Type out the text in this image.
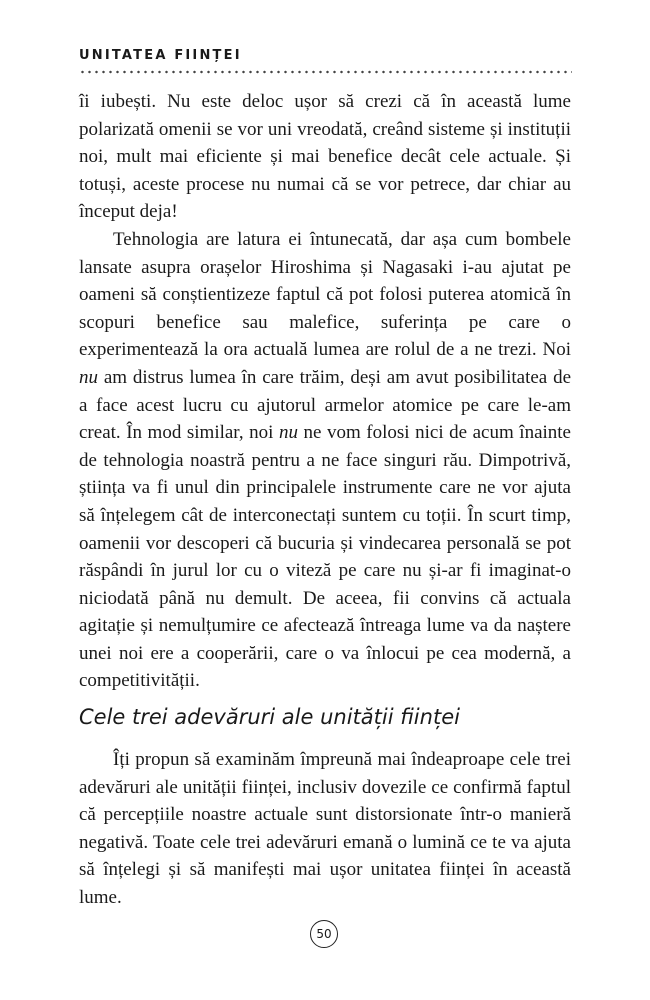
UNITATEA FIINȚEI

îi iubești. Nu este deloc ușor să crezi că în această lume polarizată omenii se vor uni vreodată, creând sisteme și instituții noi, mult mai eficiente și mai benefice decât cele actuale. Și totuși, aceste procese nu numai că se vor petrece, dar chiar au început deja!

Tehnologia are latura ei întunecată, dar așa cum bombele lansate asupra orașelor Hiroshima și Nagasaki i-au ajutat pe oameni să conștientizeze faptul că pot folosi puterea atomică în scopuri benefice sau malefice, suferința pe care o experimentează la ora actuală lumea are rolul de a ne trezi. Noi nu am distrus lumea în care trăim, deși am avut posibilitatea de a face acest lucru cu ajutorul armelor atomice pe care le-am creat. În mod similar, noi nu ne vom folosi nici de acum înainte de tehnologia noastră pentru a ne face singuri rău. Dimpotrivă, știința va fi unul din principalele instrumente care ne vor ajuta să înțelegem cât de interconectați suntem cu toții. În scurt timp, oamenii vor descoperi că bucuria și vindecarea personală se pot răspândi în jurul lor cu o viteză pe care nu și-ar fi imaginat-o niciodată până nu demult. De aceea, fii convins că actuala agitație și nemulțumire ce afectează întreaga lume va da naștere unei noi ere a cooperării, care o va înlocui pe cea modernă, a competitivității.

Cele trei adevăruri ale unității ființei

Îți propun să examinăm împreună mai îndeaproape cele trei adevăruri ale unității ființei, inclusiv dovezile ce confirmă faptul că percepțiile noastre actuale sunt distorsionate într-o manieră negativă. Toate cele trei adevăruri emană o lumină ce te va ajuta să înțelegi și să manifești mai ușor unitatea ființei în această lume.

50
